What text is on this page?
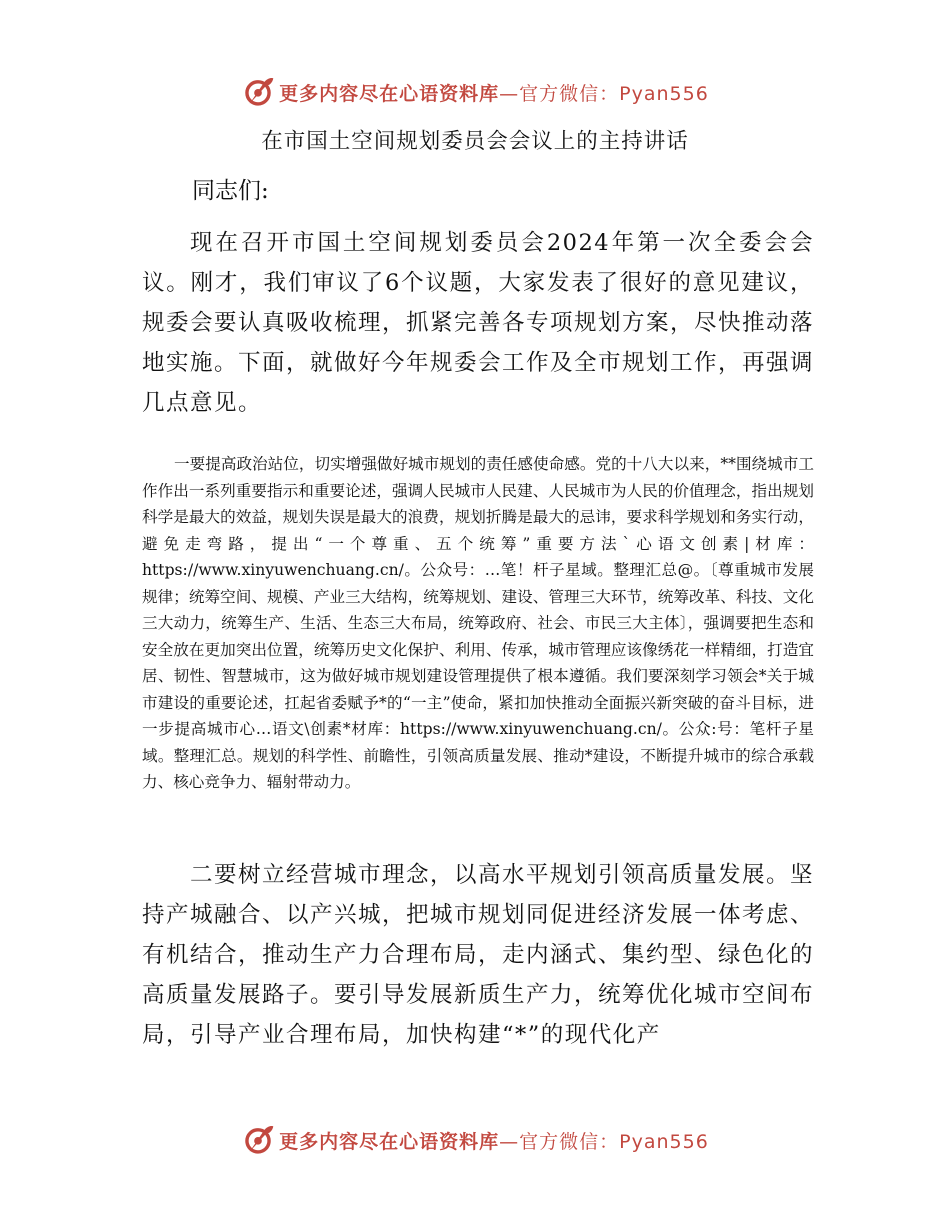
更多内容尽在心语资料库—官方微信：Pyan556
在市国土空间规划委员会会议上的主持讲话

同志们:

现在召开市国土空间规划委员会2024年第一次全委会会议。刚才，我们审议了6个议题，大家发表了很好的意见建议，规委会要认真吸收梳理，抓紧完善各专项规划方案，尽快推动落地实施。下面，就做好今年规委会工作及全市规划工作，再强调几点意见。

一要提高政治站位，切实增强做好城市规划的责任感使命感。党的十八大以来，**围绕城市工作作出一系列重要指示和重要论述，强调人民城市人民建、人民城市为人民的价值理念，指出规划科学是最大的效益，规划失误是最大的浪费，规划折腾是最大的忌讳，要求科学规划和务实行动，避免走弯路，提出“一个尊重、五个统筹”重要方法`心语文创素|材库：https://www.xinyuwenchuang.cn/。公众号：…笔！杆子星域。整理汇总@。〔尊重城市发展规律；统筹空间、规模、产业三大结构，统筹规划、建设、管理三大环节，统筹改革、科技、文化三大动力，统筹生产、生活、生态三大布局，统筹政府、社会、市民三大主体〕，强调要把生态和安全放在更加突出位置，统筹历史文化保护、利用、传承，城市管理应该像绣花一样精细，打造宜居、韧性、智慧城市，这为做好城市规划建设管理提供了根本遵循。我们要深刻学习领会*关于城市建设的重要论述，扛起省委赋予*的“一主”使命，紧扣加快推动全面振兴新突破的奋斗目标，进一步提高城市心…语文\创素*材库：https://www.xinyuwenchuang.cn/。公众:号：笔杆子星域。整理汇总。规划的科学性、前瞻性，引领高质量发展、推动*建设，不断提升城市的综合承载力、核心竞争力、辐射带动力。

二要树立经营城市理念，以高水平规划引领高质量发展。坚持产城融合、以产兴城，把城市规划同促进经济发展一体考虑、有机结合，推动生产力合理布局，走内涵式、集约型、绿色化的高质量发展路子。要引导发展新质生产力，统筹优化城市空间布局，引导产业合理布局，加快构建“*”的现代化产

更多内容尽在心语资料库—官方微信：Pyan556
